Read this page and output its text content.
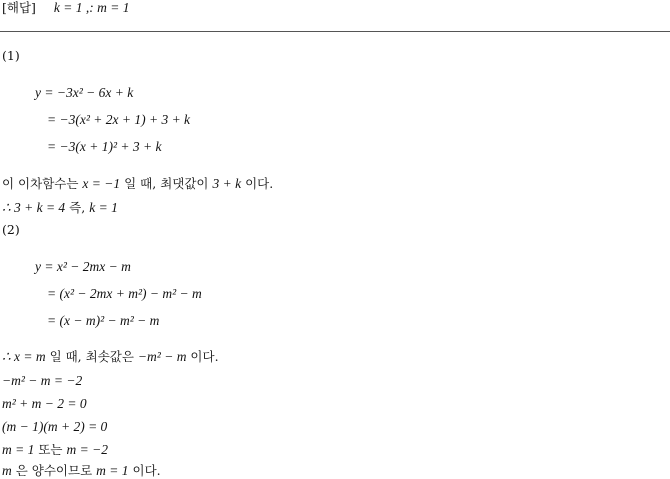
[해답] k = 1 ,: m = 1
(1)
y = −3x² − 6x + k
= −3(x² + 2x + 1) + 3 + k
= −3(x + 1)² + 3 + k
이 이차함수는 x = −1 일 때, 최댓값이 3 + k 이다.
∴ 3 + k = 4 즉, k = 1
(2)
y = x² − 2mx − m
= (x² − 2mx + m²) − m² − m
= (x − m)² − m² − m
∴ x = m 일 때, 최솟값은 −m² − m 이다.
−m² − m = −2
m² + m − 2 = 0
(m − 1)(m + 2) = 0
m = 1 또는 m = −2
m 은 양수이므로 m = 1 이다.
